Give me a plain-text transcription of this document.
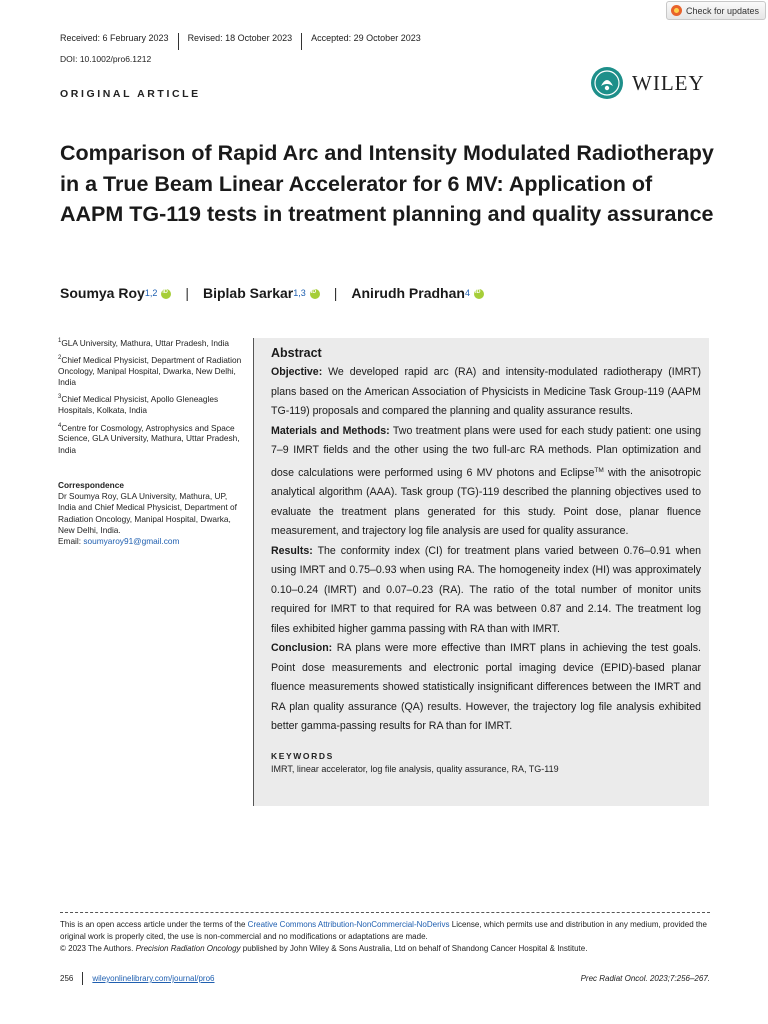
Check for updates
Received: 6 February 2023	Revised: 18 October 2023	Accepted: 29 October 2023
DOI: 10.1002/pro6.1212
ORIGINAL ARTICLE	WILEY
Comparison of Rapid Arc and Intensity Modulated Radiotherapy in a True Beam Linear Accelerator for 6 MV: Application of AAPM TG-119 tests in treatment planning and quality assurance
Soumya Roy 1,2 iD | Biplab Sarkar 1,3 iD | Anirudh Pradhan 4
iD
$^1$GLA University, Mathura, Uttar Pradesh, India
$^2$Chief Medical Physicist, Department of Radiation Oncology, Manipal Hospital, Dwarka, New Delhi, India
$^3$Chief Medical Physicist, Apollo Gleneagles Hospitals, Kolkata, India
$^4$Centre for Cosmology, Astrophysics and Space Science, GLA University, Mathura, Uttar Pradesh, India
Correspondence
Dr Soumya Roy, GLA University, Mathura, UP, India and Chief Medical Physicist, Department of Radiation Oncology, Manipal Hospital, Dwarka, New Delhi, India.
Email: soumyaroy91@gmail.com
Abstract

Objective: We developed rapid arc (RA) and intensity-modulated radiotherapy (IMRT) plans based on the American Association of Physicists in Medicine Task Group-119 (AAPM TG-119) proposals and compared the planning and quality assurance results.

Materials and Methods: Two treatment plans were used for each study patient: one using 7–9 IMRT fields and the other using the two full-arc RA methods. Plan optimization and dose calculations were performed using 6 MV photons and Eclipse™ with the anisotropic analytical algorithm (AAA). Task group (TG)-119 described the planning objectives used to evaluate the treatment plans generated for this study. Point dose, planar fluence measurement, and trajectory log file analysis are used for quality assurance.

Results: The conformity index (CI) for treatment plans varied between 0.76–0.91 when using IMRT and 0.75–0.93 when using RA. The homogeneity index (HI) was approximately 0.10–0.24 (IMRT) and 0.07–0.23 (RA). The ratio of the total number of monitor units required for IMRT to that required for RA was between 0.87 and 2.14. The treatment log files exhibited higher gamma passing with RA than with IMRT.

Conclusion: RA plans were more effective than IMRT plans in achieving the test goals. Point dose measurements and electronic portal imaging device (EPID)-based planar fluence measurements showed statistically insignificant differences between the IMRT and RA plan quality assurance (QA) results. However, the trajectory log file analysis exhibited better gamma-passing results for RA than for IMRT.

KEYWORDS
IMRT, linear accelerator, log file analysis, quality assurance, RA, TG-119
This is an open access article under the terms of the Creative Commons Attribution-NonCommercial-NoDerivs License, which permits use and distribution in any medium, provided the original work is properly cited, the use is non-commercial and no modifications or adaptations are made.
© 2023 The Authors. Precision Radiation Oncology published by John Wiley & Sons Australia, Ltd on behalf of Shandong Cancer Hospital & Institute.
256	wileyonlinelibrary.com/journal/pro6	Prec Radiat Oncol. 2023;7:256–267.
